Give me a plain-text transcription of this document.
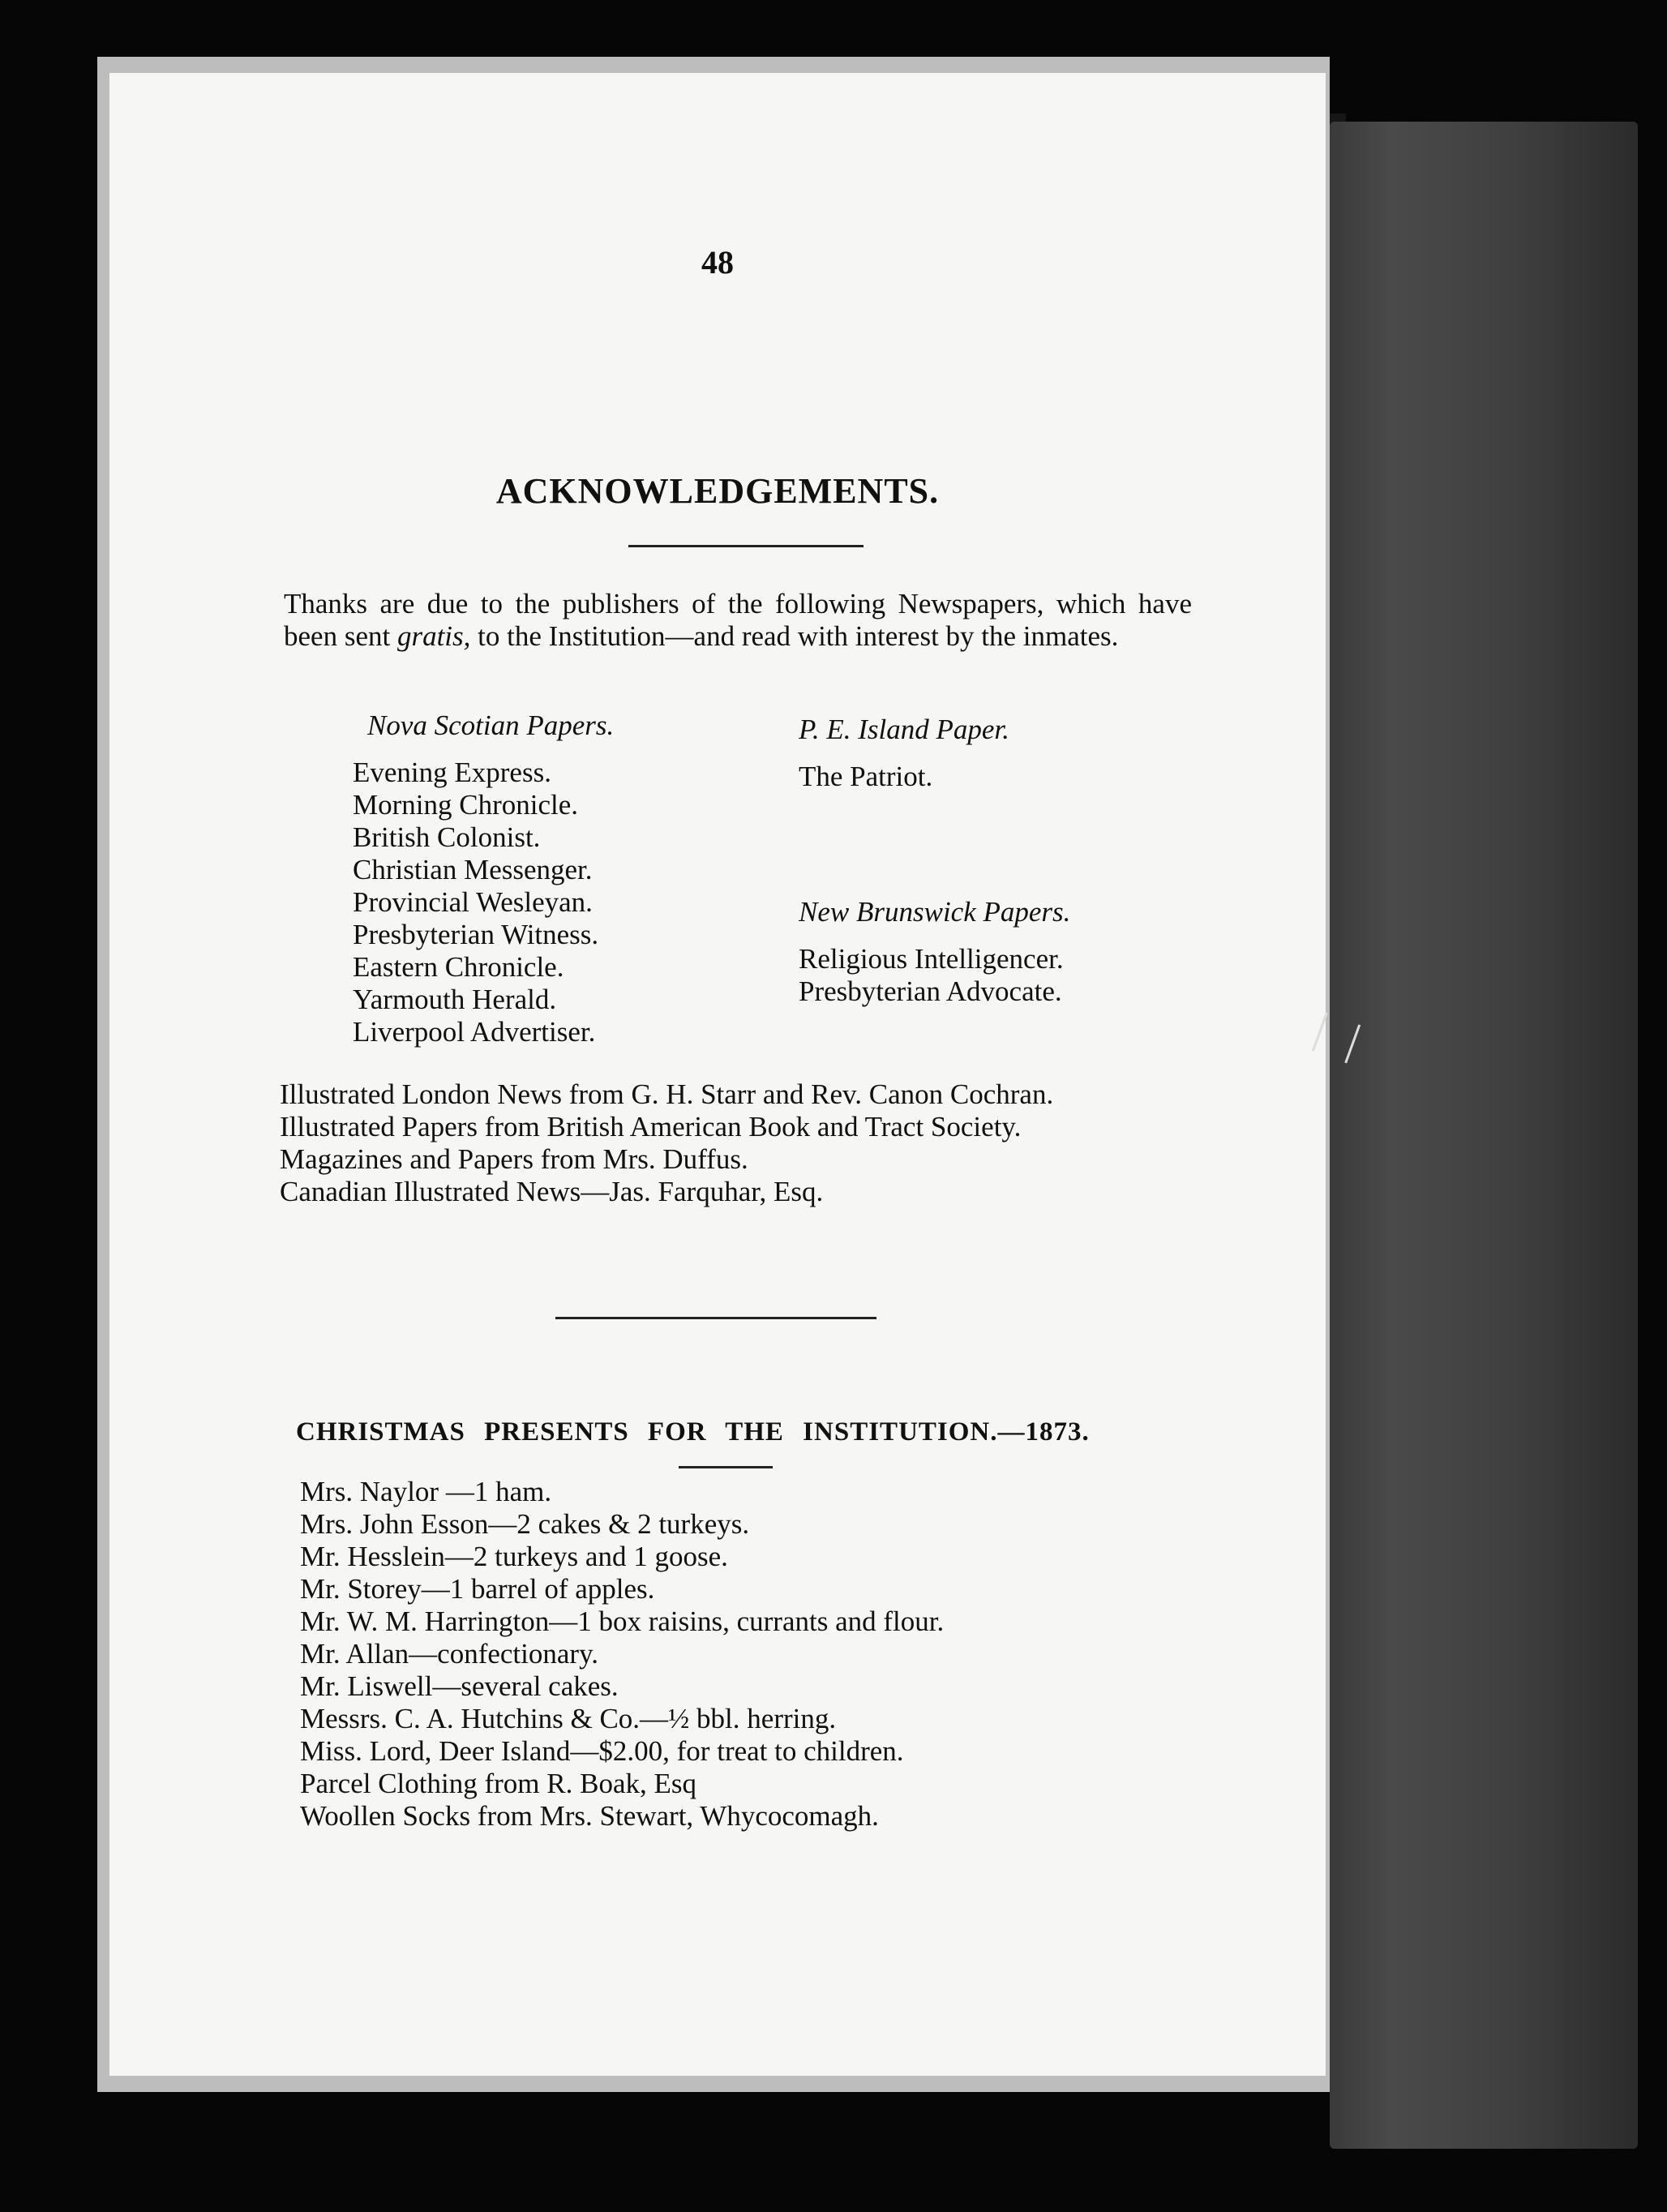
48
ACKNOWLEDGEMENTS.

Thanks are due to the publishers of the following Newspapers, which have been sent gratis, to the Institution—and read with interest by the inmates.

Nova Scotian Papers.
Evening Express.
Morning Chronicle.
British Colonist.
Christian Messenger.
Provincial Wesleyan.
Presbyterian Witness.
Eastern Chronicle.
Yarmouth Herald.
Liverpool Advertiser.
P. E. Island Paper.
The Patriot.
New Brunswick Papers.
Religious Intelligencer.
Presbyterian Advocate.
Illustrated London News from G. H. Starr and Rev. Canon Cochran.
Illustrated Papers from British American Book and Tract Society.
Magazines and Papers from Mrs. Duffus.
Canadian Illustrated News—Jas. Farquhar, Esq.
CHRISTMAS PRESENTS FOR THE INSTITUTION.—1873.
Mrs. Naylor —1 ham.
Mrs. John Esson—2 cakes & 2 turkeys.
Mr. Hesslein—2 turkeys and 1 goose.
Mr. Storey—1 barrel of apples.
Mr. W. M. Harrington—1 box raisins, currants and flour.
Mr. Allan—confectionary.
Mr. Liswell—several cakes.
Messrs. C. A. Hutchins & Co.—½ bbl. herring.
Miss. Lord, Deer Island—$2.00, for treat to children.
Parcel Clothing from R. Boak, Esq
Woollen Socks from Mrs. Stewart, Whycocomagh.
